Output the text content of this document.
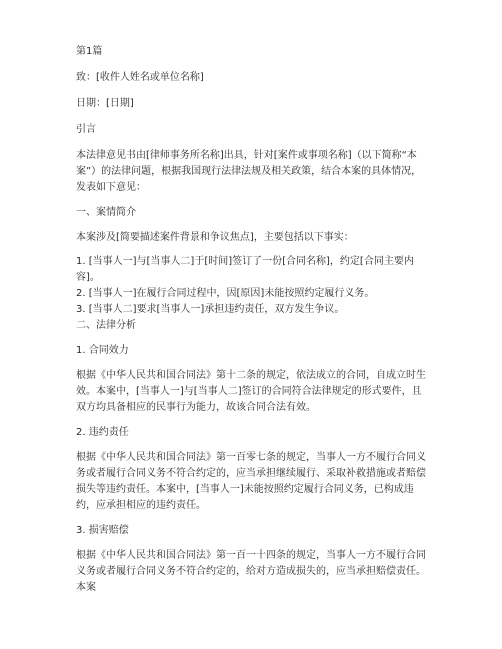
第1篇

致：[收件人姓名或单位名称]

日期：[日期]

引言

本法律意见书由[律师事务所名称]出具，针对[案件或事项名称]（以下简称“本案”）的法律问题，根据我国现行法律法规及相关政策，结合本案的具体情况，发表如下意见：

一、案情简介

本案涉及[简要描述案件背景和争议焦点]，主要包括以下事实：

1. [当事人一]与[当事人二]于[时间]签订了一份[合同名称]，约定[合同主要内容]。

2. [当事人一]在履行合同过程中，因[原因]未能按照约定履行义务。

3. [当事人二]要求[当事人一]承担违约责任，双方发生争议。

二、法律分析

1. 合同效力

根据《中华人民共和国合同法》第十二条的规定，依法成立的合同，自成立时生效。本案中，[当事人一]与[当事人二]签订的合同符合法律规定的形式要件，且双方均具备相应的民事行为能力，故该合同合法有效。

2. 违约责任

根据《中华人民共和国合同法》第一百零七条的规定，当事人一方不履行合同义务或者履行合同义务不符合约定的，应当承担继续履行、采取补救措施或者赔偿损失等违约责任。本案中，[当事人一]未能按照约定履行合同义务，已构成违约，应承担相应的违约责任。

3. 损害赔偿

根据《中华人民共和国合同法》第一百一十四条的规定，当事人一方不履行合同义务或者履行合同义务不符合约定的，给对方造成损失的，应当承担赔偿责任。本案
